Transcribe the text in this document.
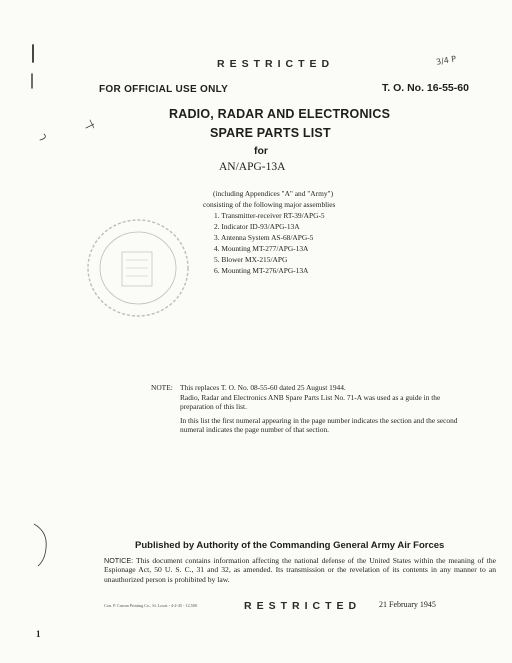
RESTRICTED
FOR OFFICIAL USE ONLY	T. O. No. 16-55-60
3/4 P
RADIO, RADAR AND ELECTRONICS
SPARE PARTS LIST
for
AN/APG-13A
(including Appendices "A" and "Army")
consisting of the following major assemblies
1. Transmitter-receiver RT-39/APG-5
2. Indicator ID-93/APG-13A
3. Antenna System AS-68/APG-5
4. Mounting MT-277/APG-13A
5. Blower MX-215/APG
6. Mounting MT-276/APG-13A
NOTE: This replaces T. O. No. 08-55-60 dated 25 August 1944.
Radio, Radar and Electronics ANB Spare Parts List No. 71-A was used as a guide in the preparation of this list.
In this list the first numeral appearing in the page number indicates the section and the second numeral indicates the page number of that section.
Published by Authority of the Commanding General Army Air Forces
NOTICE: This document contains information affecting the national defense of the United States within the meaning of the Espionage Act, 50 U. S. C., 31 and 32, as amended. Its transmission or the revelation of its contents in any manner to an unauthorized person is prohibited by law.
Con. P. Curran Printing Co., St. Louis - 4-2-45 - 12,500	RESTRICTED 21 February 1945
1
